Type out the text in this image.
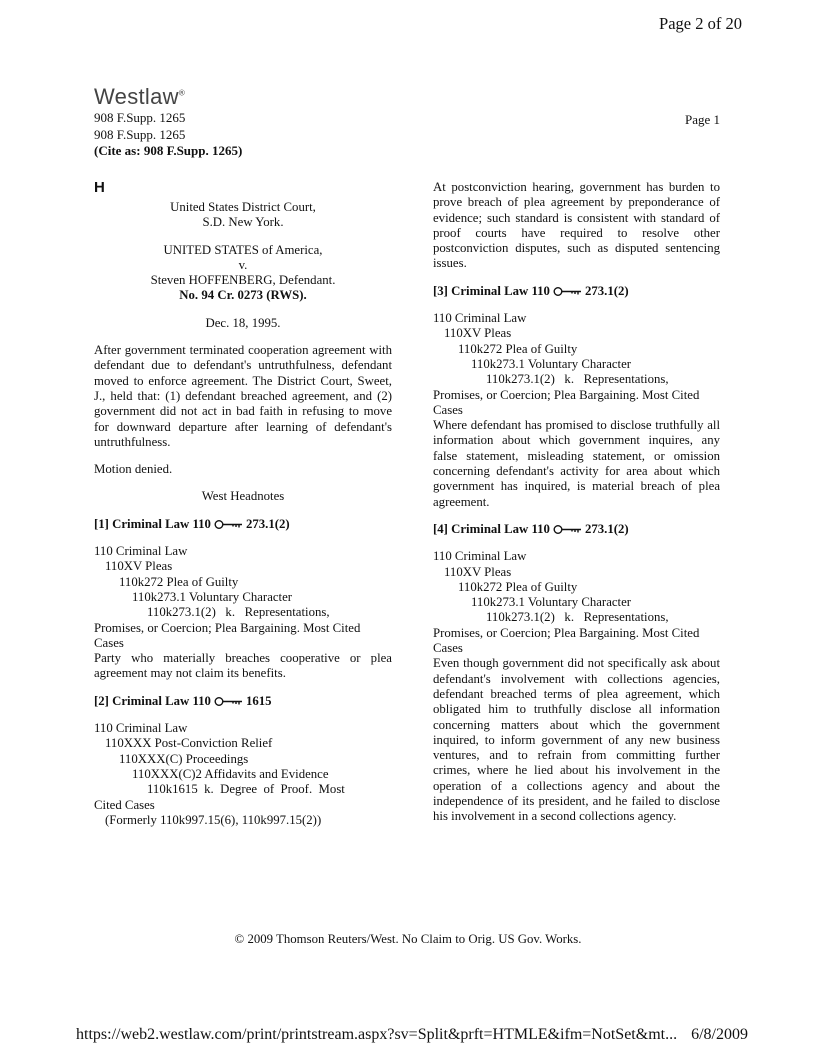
Page 2 of 20
Westlaw®
908 F.Supp. 1265
908 F.Supp. 1265
(Cite as: 908 F.Supp. 1265)
Page 1
H
United States District Court,
S.D. New York.
UNITED STATES of America,
v.
Steven HOFFENBERG, Defendant.
No. 94 Cr. 0273 (RWS).
Dec. 18, 1995.
After government terminated cooperation agreement with defendant due to defendant's untruthfulness, defendant moved to enforce agreement. The District Court, Sweet, J., held that: (1) defendant breached agreement, and (2) government did not act in bad faith in refusing to move for downward departure after learning of defendant's untruthfulness.
Motion denied.
West Headnotes
[1] Criminal Law 110	273.1(2)
110 Criminal Law
110XV Pleas
110k272 Plea of Guilty
110k273.1 Voluntary Character
110k273.1(2)   k.   Representations,
Promises, or Coercion; Plea Bargaining. Most Cited
Cases
Party who materially breaches cooperative or plea agreement may not claim its benefits.
[2] Criminal Law 110	1615
110 Criminal Law
110XXX Post-Conviction Relief
110XXX(C) Proceedings
110XXX(C)2 Affidavits and Evidence
110k1615  k.  Degree  of  Proof.  Most
Cited Cases
(Formerly 110k997.15(6), 110k997.15(2))
At postconviction hearing, government has burden to prove breach of plea agreement by preponderance of evidence; such standard is consistent with standard of proof courts have required to resolve other postconviction disputes, such as disputed sentencing issues.
[3] Criminal Law 110	273.1(2)
110 Criminal Law
110XV Pleas
110k272 Plea of Guilty
110k273.1 Voluntary Character
110k273.1(2)   k.   Representations,
Promises, or Coercion; Plea Bargaining. Most Cited
Cases
Where defendant has promised to disclose truthfully all information about which government inquires, any false statement, misleading statement, or omission concerning defendant's activity for area about which government has inquired, is material breach of plea agreement.
[4] Criminal Law 110	273.1(2)
110 Criminal Law
110XV Pleas
110k272 Plea of Guilty
110k273.1 Voluntary Character
110k273.1(2)   k.   Representations,
Promises, or Coercion; Plea Bargaining. Most Cited
Cases
Even though government did not specifically ask about defendant's involvement with collections agencies, defendant breached terms of plea agreement, which obligated him to truthfully disclose all information concerning matters about which the government inquired, to inform government of any new business ventures, and to refrain from committing further crimes, where he lied about his involvement in the operation of a collections agency and about the independence of its president, and he failed to disclose his involvement in a second collections agency.
© 2009 Thomson Reuters/West. No Claim to Orig. US Gov. Works.
https://web2.westlaw.com/print/printstream.aspx?sv=Split&prft=HTMLE&ifm=NotSet&mt... 6/8/2009
